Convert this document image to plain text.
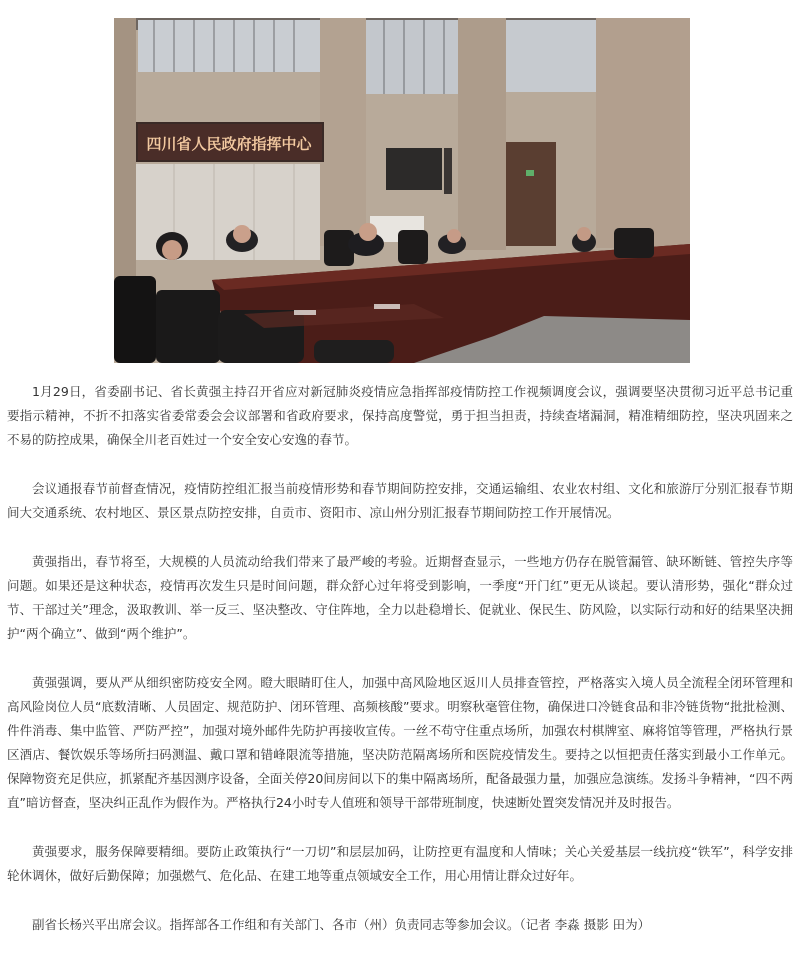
四川省人民政府指挥中心

1月29日，省委副书记、省长黄强主持召开省应对新冠肺炎疫情应急指挥部疫情防控工作视频调度会议，强调要坚决贯彻习近平总书记重要指示精神，不折不扣落实省委常委会会议部署和省政府要求，保持高度警觉，勇于担当担责，持续查堵漏洞，精准精细防控，坚决巩固来之不易的防控成果，确保全川老百姓过一个安全安心安逸的春节。

会议通报春节前督查情况，疫情防控组汇报当前疫情形势和春节期间防控安排，交通运输组、农业农村组、文化和旅游厅分别汇报春节期间大交通系统、农村地区、景区景点防控安排，自贡市、资阳市、凉山州分别汇报春节期间防控工作开展情况。

黄强指出，春节将至，大规模的人员流动给我们带来了最严峻的考验。近期督查显示，一些地方仍存在脱管漏管、缺环断链、管控失序等问题。如果还是这种状态，疫情再次发生只是时间问题，群众舒心过年将受到影响，一季度“开门红”更无从谈起。要认清形势，强化“群众过节、干部过关”理念，汲取教训、举一反三、坚决整改、守住阵地，全力以赴稳增长、促就业、保民生、防风险，以实际行动和好的结果坚决拥护“两个确立”、做到“两个维护”。

黄强强调，要从严从细织密防疫安全网。瞪大眼睛盯住人，加强中高风险地区返川人员排查管控，严格落实入境人员全流程全闭环管理和高风险岗位人员“底数清晰、人员固定、规范防护、闭环管理、高频核酸”要求。明察秋毫管住物，确保进口冷链食品和非冷链货物“批批检测、件件消毒、集中监管、严防严控”，加强对境外邮件先防护再接收宣传。一丝不苟守住重点场所，加强农村棋牌室、麻将馆等管理，严格执行景区酒店、餐饮娱乐等场所扫码测温、戴口罩和错峰限流等措施，坚决防范隔离场所和医院疫情发生。要持之以恒把责任落实到最小工作单元。保障物资充足供应，抓紧配齐基因测序设备，全面关停20间房间以下的集中隔离场所，配备最强力量，加强应急演练。发扬斗争精神，“四不两直”暗访督查，坚决纠正乱作为假作为。严格执行24小时专人值班和领导干部带班制度，快速断处置突发情况并及时报告。

黄强要求，服务保障要精细。要防止政策执行“一刀切”和层层加码，让防控更有温度和人情味；关心关爱基层一线抗疫“铁军”，科学安排轮休调休，做好后勤保障；加强燃气、危化品、在建工地等重点领域安全工作，用心用情让群众过好年。

副省长杨兴平出席会议。指挥部各工作组和有关部门、各市（州）负责同志等参加会议。（记者 李淼 摄影 田为）
